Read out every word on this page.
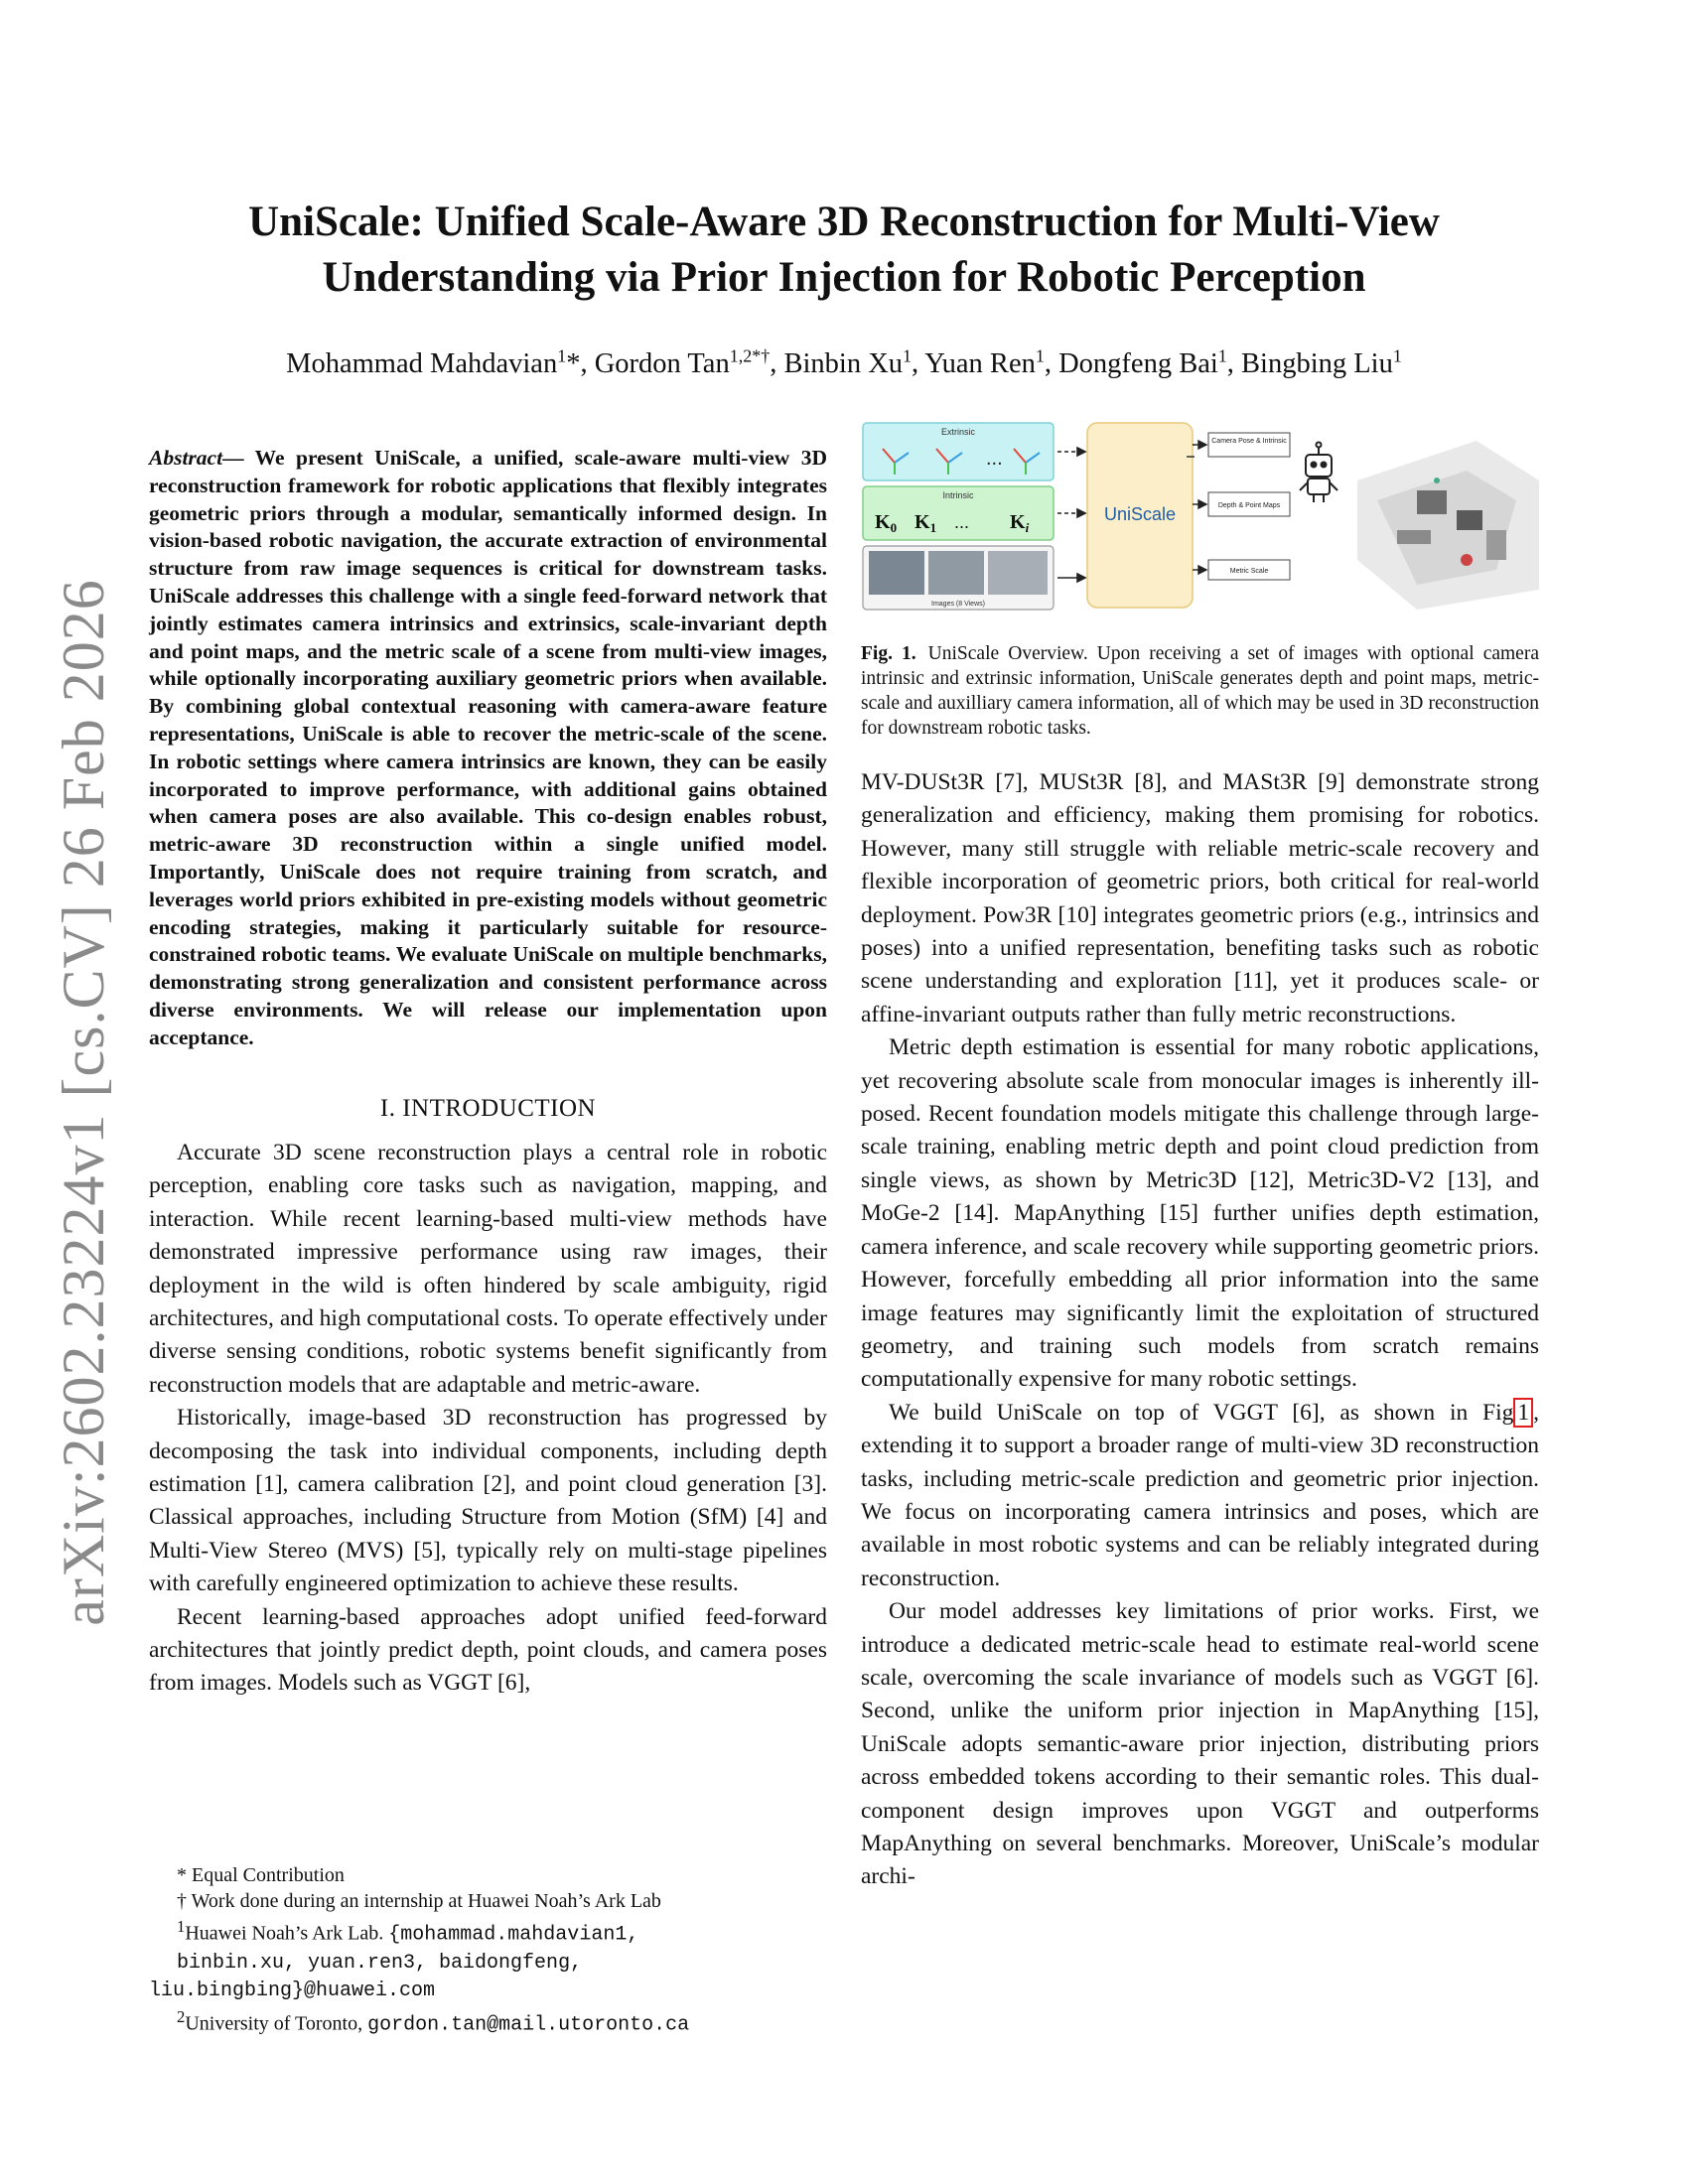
arXiv:2602.23224v1 [cs.CV] 26 Feb 2026
UniScale: Unified Scale-Aware 3D Reconstruction for Multi-View
Understanding via Prior Injection for Robotic Perception
Mohammad Mahdavian$^1$*, Gordon Tan$^{1,2*\dagger}$, Binbin Xu$^1$, Yuan Ren$^1$, Dongfeng Bai$^1$, Bingbing Liu$^1$
Abstract— We present UniScale, a unified, scale-aware multi-view 3D reconstruction framework for robotic applications that flexibly integrates geometric priors through a modular, semantically informed design. In vision-based robotic navigation, the accurate extraction of environmental structure from raw image sequences is critical for downstream tasks. UniScale addresses this challenge with a single feed-forward network that jointly estimates camera intrinsics and extrinsics, scale-invariant depth and point maps, and the metric scale of a scene from multi-view images, while optionally incorporating auxiliary geometric priors when available. By combining global contextual reasoning with camera-aware feature representations, UniScale is able to recover the metric-scale of the scene. In robotic settings where camera intrinsics are known, they can be easily incorporated to improve performance, with additional gains obtained when camera poses are also available. This co-design enables robust, metric-aware 3D reconstruction within a single unified model. Importantly, UniScale does not require training from scratch, and leverages world priors exhibited in pre-existing models without geometric encoding strategies, making it particularly suitable for resource-constrained robotic teams. We evaluate UniScale on multiple benchmarks, demonstrating strong generalization and consistent performance across diverse environments. We will release our implementation upon acceptance.
I. INTRODUCTION

Accurate 3D scene reconstruction plays a central role in robotic perception, enabling core tasks such as navigation, mapping, and interaction. While recent learning-based multi-view methods have demonstrated impressive performance using raw images, their deployment in the wild is often hindered by scale ambiguity, rigid architectures, and high computational costs. To operate effectively under diverse sensing conditions, robotic systems benefit significantly from reconstruction models that are adaptable and metric-aware.

Historically, image-based 3D reconstruction has progressed by decomposing the task into individual components, including depth estimation [1], camera calibration [2], and point cloud generation [3]. Classical approaches, including Structure from Motion (SfM) [4] and Multi-View Stereo (MVS) [5], typically rely on multi-stage pipelines with carefully engineered optimization to achieve these results.

Recent learning-based approaches adopt unified feed-forward architectures that jointly predict depth, point clouds, and camera poses from images. Models such as VGGT [6],

* Equal Contribution
† Work done during an internship at Huawei Noah’s Ark Lab
$^1$Huawei Noah’s Ark Lab. {mohammad.mahdavian1,
binbin.xu, yuan.ren3, baidongfeng,
liu.bingbing}@huawei.com
$^2$University of Toronto, gordon.tan@mail.utoronto.ca
Extrinsic
...
Intrinsic
$K_0$ $K_1$ ... $K_i$
Images (8 Views)
UniScale
Camera Pose & Intrinsic
Depth & Point Maps
Metric Scale
Fig. 1. UniScale Overview. Upon receiving a set of images with optional camera intrinsic and extrinsic information, UniScale generates depth and point maps, metric-scale and auxilliary camera information, all of which may be used in 3D reconstruction for downstream robotic tasks.

MV-DUSt3R [7], MUSt3R [8], and MASt3R [9] demonstrate strong generalization and efficiency, making them promising for robotics. However, many still struggle with reliable metric-scale recovery and flexible incorporation of geometric priors, both critical for real-world deployment. Pow3R [10] integrates geometric priors (e.g., intrinsics and poses) into a unified representation, benefiting tasks such as robotic scene understanding and exploration [11], yet it produces scale- or affine-invariant outputs rather than fully metric reconstructions.

Metric depth estimation is essential for many robotic applications, yet recovering absolute scale from monocular images is inherently ill-posed. Recent foundation models mitigate this challenge through large-scale training, enabling metric depth and point cloud prediction from single views, as shown by Metric3D [12], Metric3D-V2 [13], and MoGe-2 [14]. MapAnything [15] further unifies depth estimation, camera inference, and scale recovery while supporting geometric priors. However, forcefully embedding all prior information into the same image features may significantly limit the exploitation of structured geometry, and training such models from scratch remains computationally expensive for many robotic settings.

We build UniScale on top of VGGT [6], as shown in Fig 1 , extending it to support a broader range of multi-view 3D reconstruction tasks, including metric-scale prediction and geometric prior injection. We focus on incorporating camera intrinsics and poses, which are available in most robotic systems and can be reliably integrated during reconstruction.

Our model addresses key limitations of prior works. First, we introduce a dedicated metric-scale head to estimate real-world scene scale, overcoming the scale invariance of models such as VGGT [6]. Second, unlike the uniform prior injection in MapAnything [15], UniScale adopts semantic-aware prior injection, distributing priors across embedded tokens according to their semantic roles. This dual-component design improves upon VGGT and outperforms MapAnything on several benchmarks. Moreover, UniScale’s modular archi-
